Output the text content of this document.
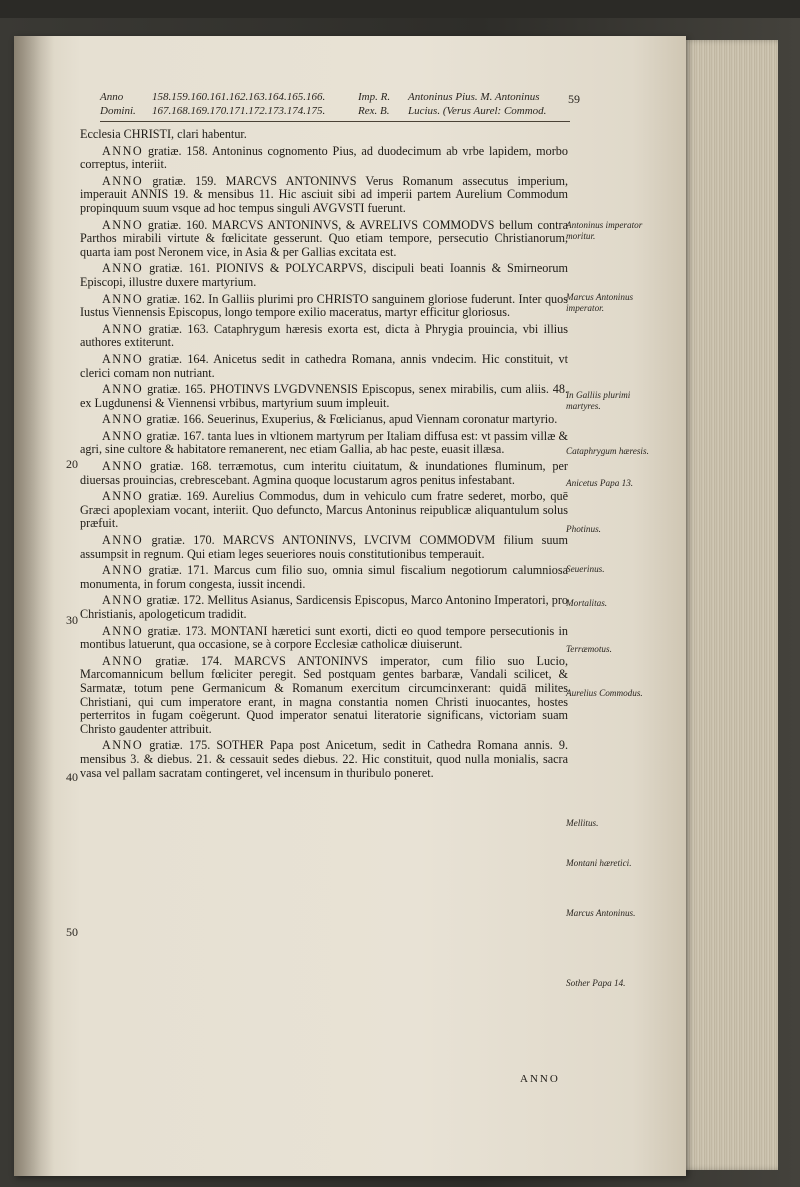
Anno Domini.
158.159.160.161.162.163.164.165.166.
167.168.169.170.171.172.173.174.175.
Imp. R.
Rex. B.
Antoninus Pius. M. Antoninus
Lucius. (Verus Aurel: Commod.
59

Ecclesia CHRISTI, clari habentur.

ANNO gratiæ. 158. Antoninus cognomento Pius, ad duodecimum ab vrbe lapidem, morbo correptus, interiit.

ANNO gratiæ. 159. MARCVS ANTONINVS Verus Romanum assecutus imperium, imperauit ANNIS 19. & mensibus 11. Hic asciuit sibi ad imperii partem Aurelium Commodum propinquum suum vsque ad hoc tempus singuli AVGVSTI fuerunt.

ANNO gratiæ. 160. MARCVS ANTONINVS, & AVRELIVS COMMODVS bellum contra Parthos mirabili virtute & fœlicitate gesserunt. Quo etiam tempore, persecutio Christianorum, quarta iam post Neronem vice, in Asia & per Gallias excitata est.

ANNO gratiæ. 161. PIONIVS & POLYCARPVS, discipuli beati Ioannis & Smirneorum Episcopi, illustre duxere martyrium.

ANNO gratiæ. 162. In Galliis plurimi pro CHRISTO sanguinem gloriose fuderunt. Inter quos Iustus Viennensis Episcopus, longo tempore exilio maceratus, martyr efficitur gloriosus.

ANNO gratiæ. 163. Cataphrygum hæresis exorta est, dicta à Phrygia prouincia, vbi illius authores extiterunt.

ANNO gratiæ. 164. Anicetus sedit in cathedra Romana, annis vndecim. Hic constituit, vt clerici comam non nutriant.

ANNO gratiæ. 165. PHOTINVS LVGDVNENSIS Episcopus, senex mirabilis, cum aliis. 48. ex Lugdunensi & Viennensi vrbibus, martyrium suum impleuit.

ANNO gratiæ. 166. Seuerinus, Exuperius, & Fœlicianus, apud Viennam coronatur martyrio.

ANNO gratiæ. 167. tanta lues in vltionem martyrum per Italiam diffusa est: vt passim villæ & agri, sine cultore & habitatore remanerent, nec etiam Gallia, ab hac peste, euasit illæsa.

ANNO gratiæ. 168. terræmotus, cum interitu ciuitatum, & inundationes fluminum, per diuersas prouincias, crebrescebant. Agmina quoque locustarum agros penitus infestabant.

ANNO gratiæ. 169. Aurelius Commodus, dum in vehiculo cum fratre sederet, morbo, quē Græci apoplexiam vocant, interiit. Quo defuncto, Marcus Antoninus reipublicæ aliquantulum solus præfuit.

ANNO gratiæ. 170. MARCVS ANTONINVS, LVCIVM COMMODVM filium suum assumpsit in regnum. Qui etiam leges seueriores nouis constitutionibus temperauit.

ANNO gratiæ. 171. Marcus cum filio suo, omnia simul fiscalium negotiorum calumniosa monumenta, in forum congesta, iussit incendi.

ANNO gratiæ. 172. Mellitus Asianus, Sardicensis Episcopus, Marco Antonino Imperatori, pro Christianis, apologeticum tradidit.

ANNO gratiæ. 173. MONTANI hæretici sunt exorti, dicti eo quod tempore persecutionis in montibus latuerunt, qua occasione, se à corpore Ecclesiæ catholicæ diuiserunt.

ANNO gratiæ. 174. MARCVS ANTONINVS imperator, cum filio suo Lucio, Marcomannicum bellum fœliciter peregit. Sed postquam gentes barbaræ, Vandali scilicet, & Sarmatæ, totum pene Germanicum & Romanum exercitum circumcinxerant: quidā milites Christiani, qui cum imperatore erant, in magna constantia nomen Christi inuocantes, hostes perterritos in fugam coëgerunt. Quod imperator senatui literatorie significans, victoriam suam Christo gaudenter attribuit.

ANNO gratiæ. 175. SOTHER Papa post Anicetum, sedit in Cathedra Romana annis. 9. mensibus 3. & diebus. 21. & cessauit sedes diebus. 22. Hic constituit, quod nulla monialis, sacra vasa vel pallam sacratam contingeret, vel incensum in thuribulo poneret.

Antoninus imperator moritur.
Marcus Antoninus imperator.
In Galliis plurimi martyres.
Cataphrygum hæresis.
Anicetus Papa 13.
Photinus.
Seuerinus.
Mortalitas.
Terræmotus.
Aurelius Commodus.
Mellitus.
Montani hæretici.
Marcus Antoninus.
Sother Papa 14.
20
30
40
50
ANNO
